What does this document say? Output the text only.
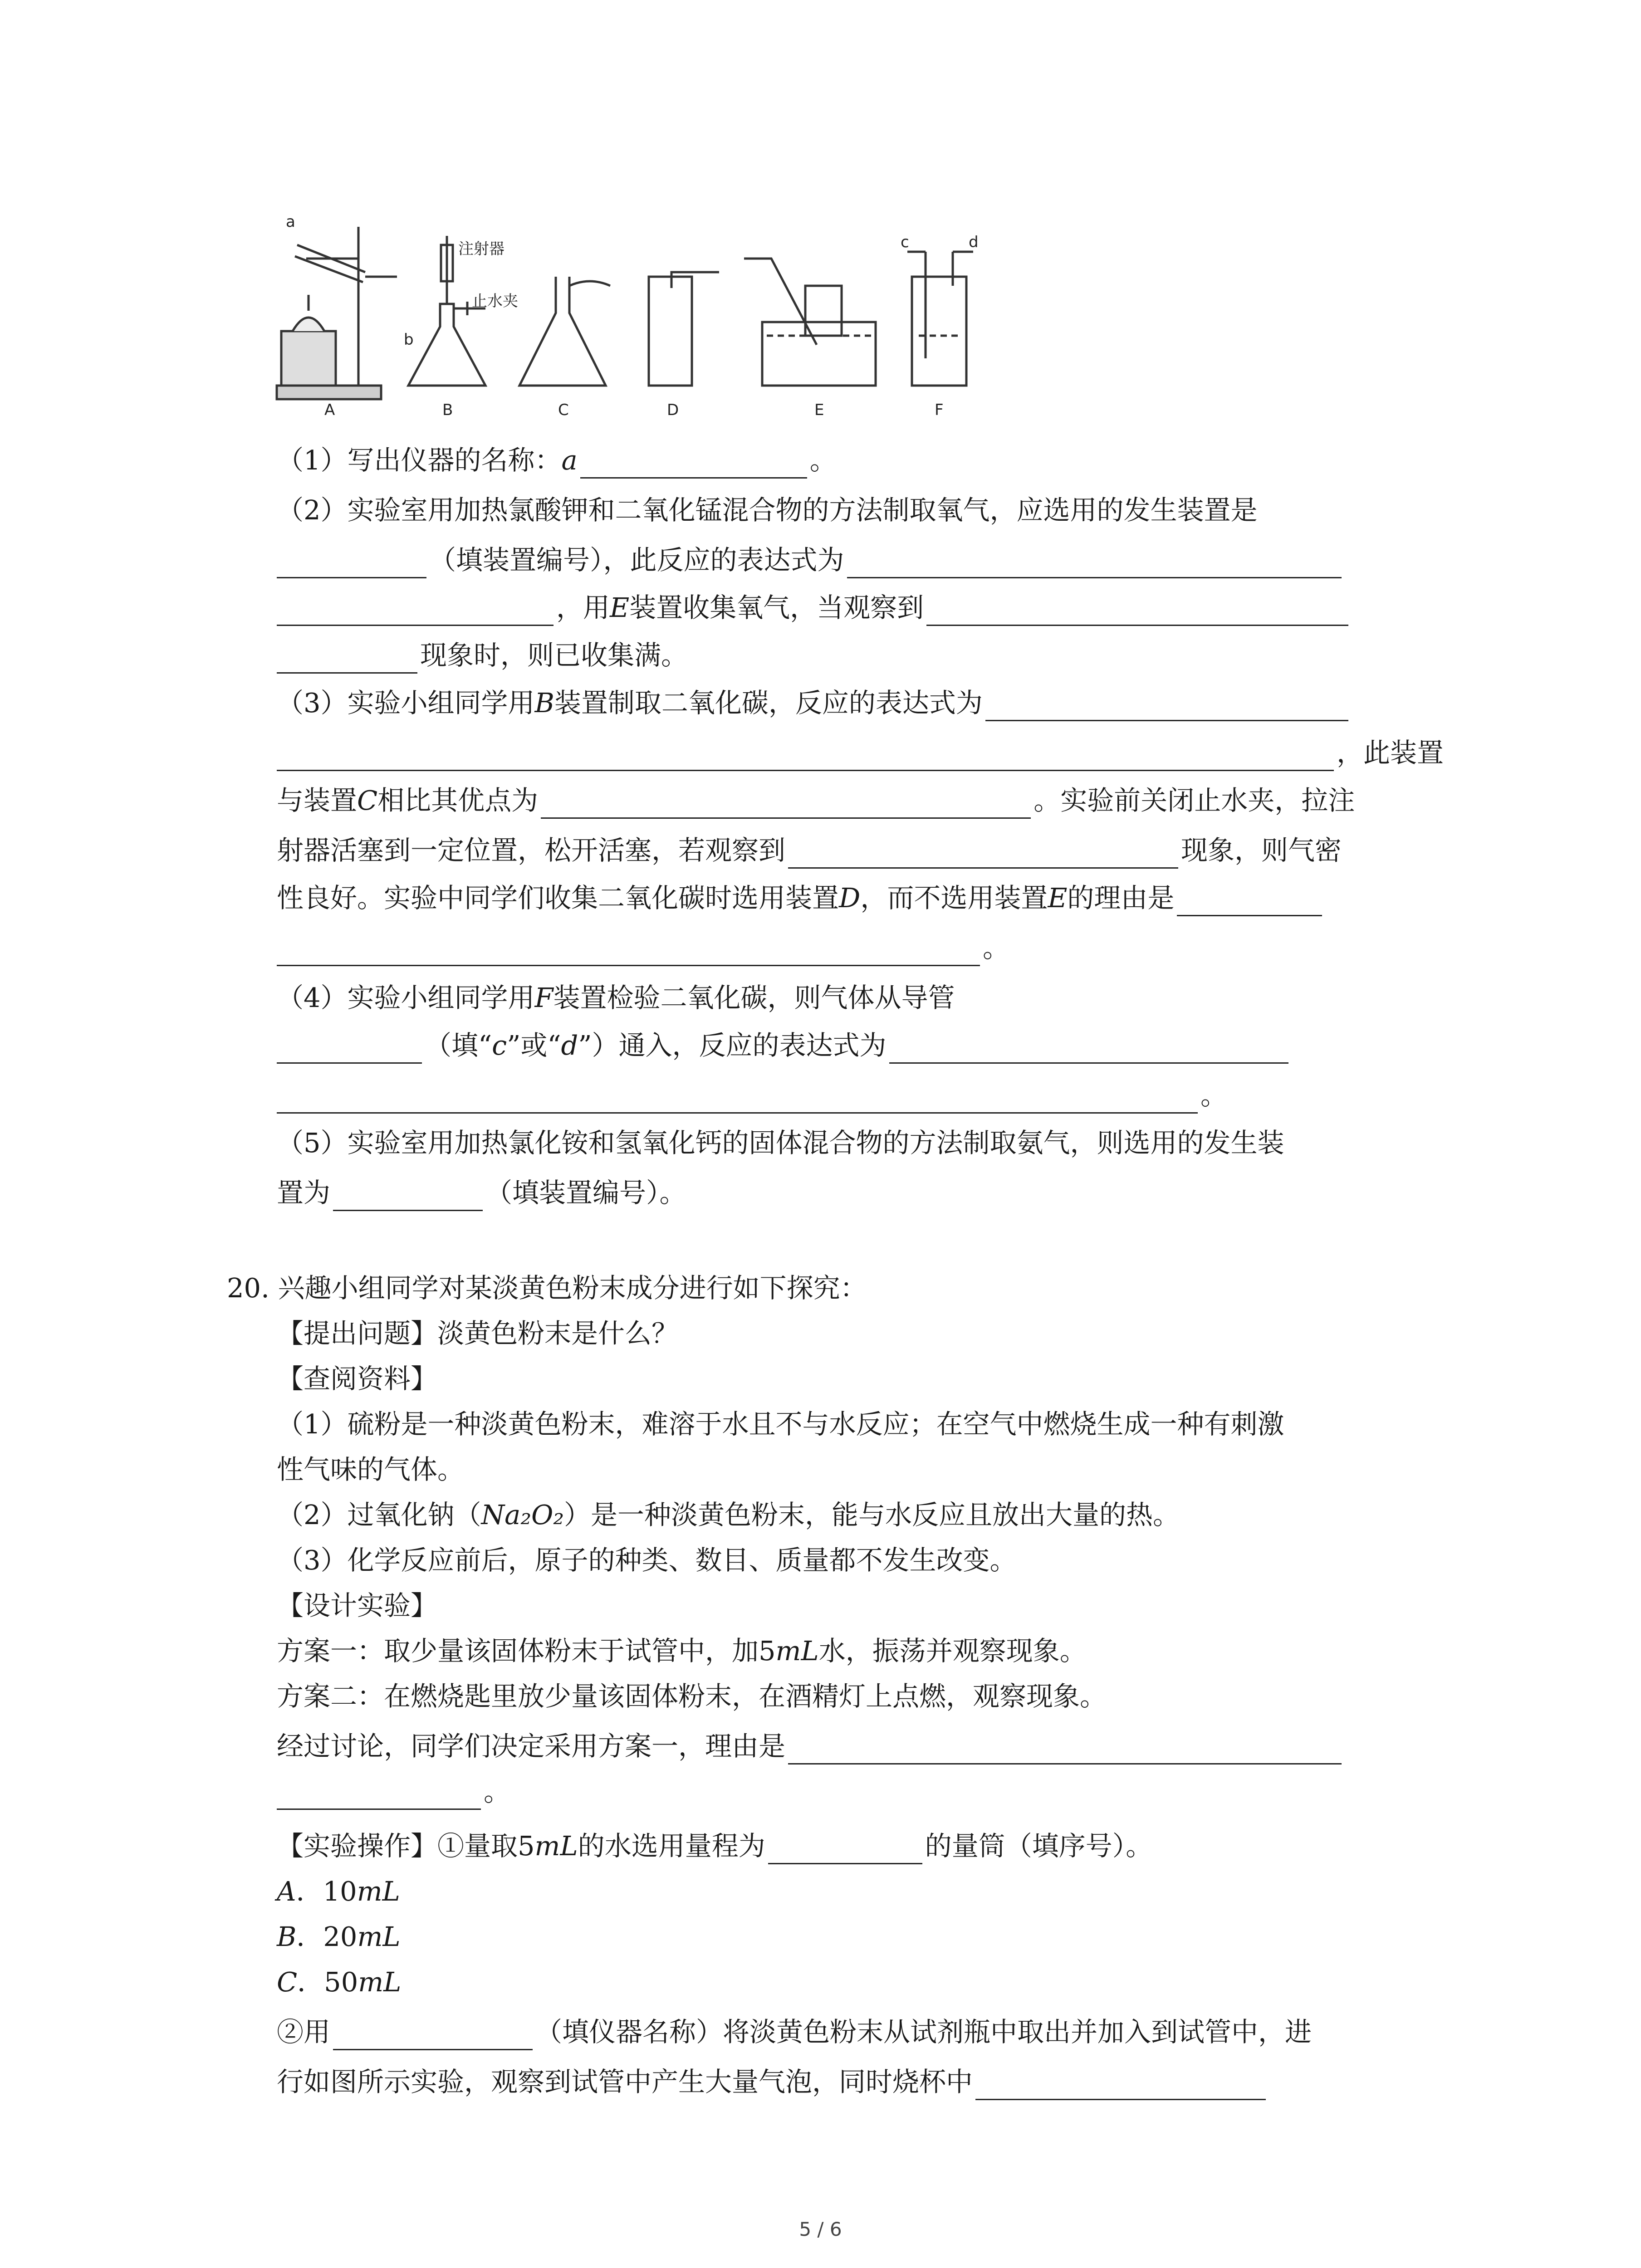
a
b
c	d
注射器
止水夹
A	B	C	D	E	F
（1）写出仪器的名称：a	。
（2）实验室用加热氯酸钾和二氧化锰混合物的方法制取氧气，应选用的发生装置是
（填装置编号），此反应的表达式为
，用E装置收集氧气，当观察到
现象时，则已收集满。
（3）实验小组同学用B装置制取二氧化碳，反应的表达式为
，此装置
与装置C相比其优点为	。实验前关闭止水夹，拉注
射器活塞到一定位置，松开活塞，若观察到	现象，则气密
性良好。实验中同学们收集二氧化碳时选用装置D，而不选用装置E的理由是
。
（4）实验小组同学用F装置检验二氧化碳，则气体从导管
（填“c”或“d”）通入，反应的表达式为
。
（5）实验室用加热氯化铵和氢氧化钙的固体混合物的方法制取氨气，则选用的发生装
置为	（填装置编号）。
20. 兴趣小组同学对某淡黄色粉末成分进行如下探究：
【提出问题】淡黄色粉末是什么？
【查阅资料】
（1）硫粉是一种淡黄色粉末，难溶于水且不与水反应；在空气中燃烧生成一种有刺激
性气味的气体。
（2）过氧化钠（Na₂O₂）是一种淡黄色粉末，能与水反应且放出大量的热。
（3）化学反应前后，原子的种类、数目、质量都不发生改变。
【设计实验】
方案一：取少量该固体粉末于试管中，加5mL水，振荡并观察现象。
方案二：在燃烧匙里放少量该固体粉末，在酒精灯上点燃，观察现象。
经过讨论，同学们决定采用方案一，理由是
。
【实验操作】①量取5mL的水选用量程为	的量筒（填序号）。
A．10mL
B．20mL
C．50mL
②用	（填仪器名称）将淡黄色粉末从试剂瓶中取出并加入到试管中，进
行如图所示实验，观察到试管中产生大量气泡，同时烧杯中
5 / 6
